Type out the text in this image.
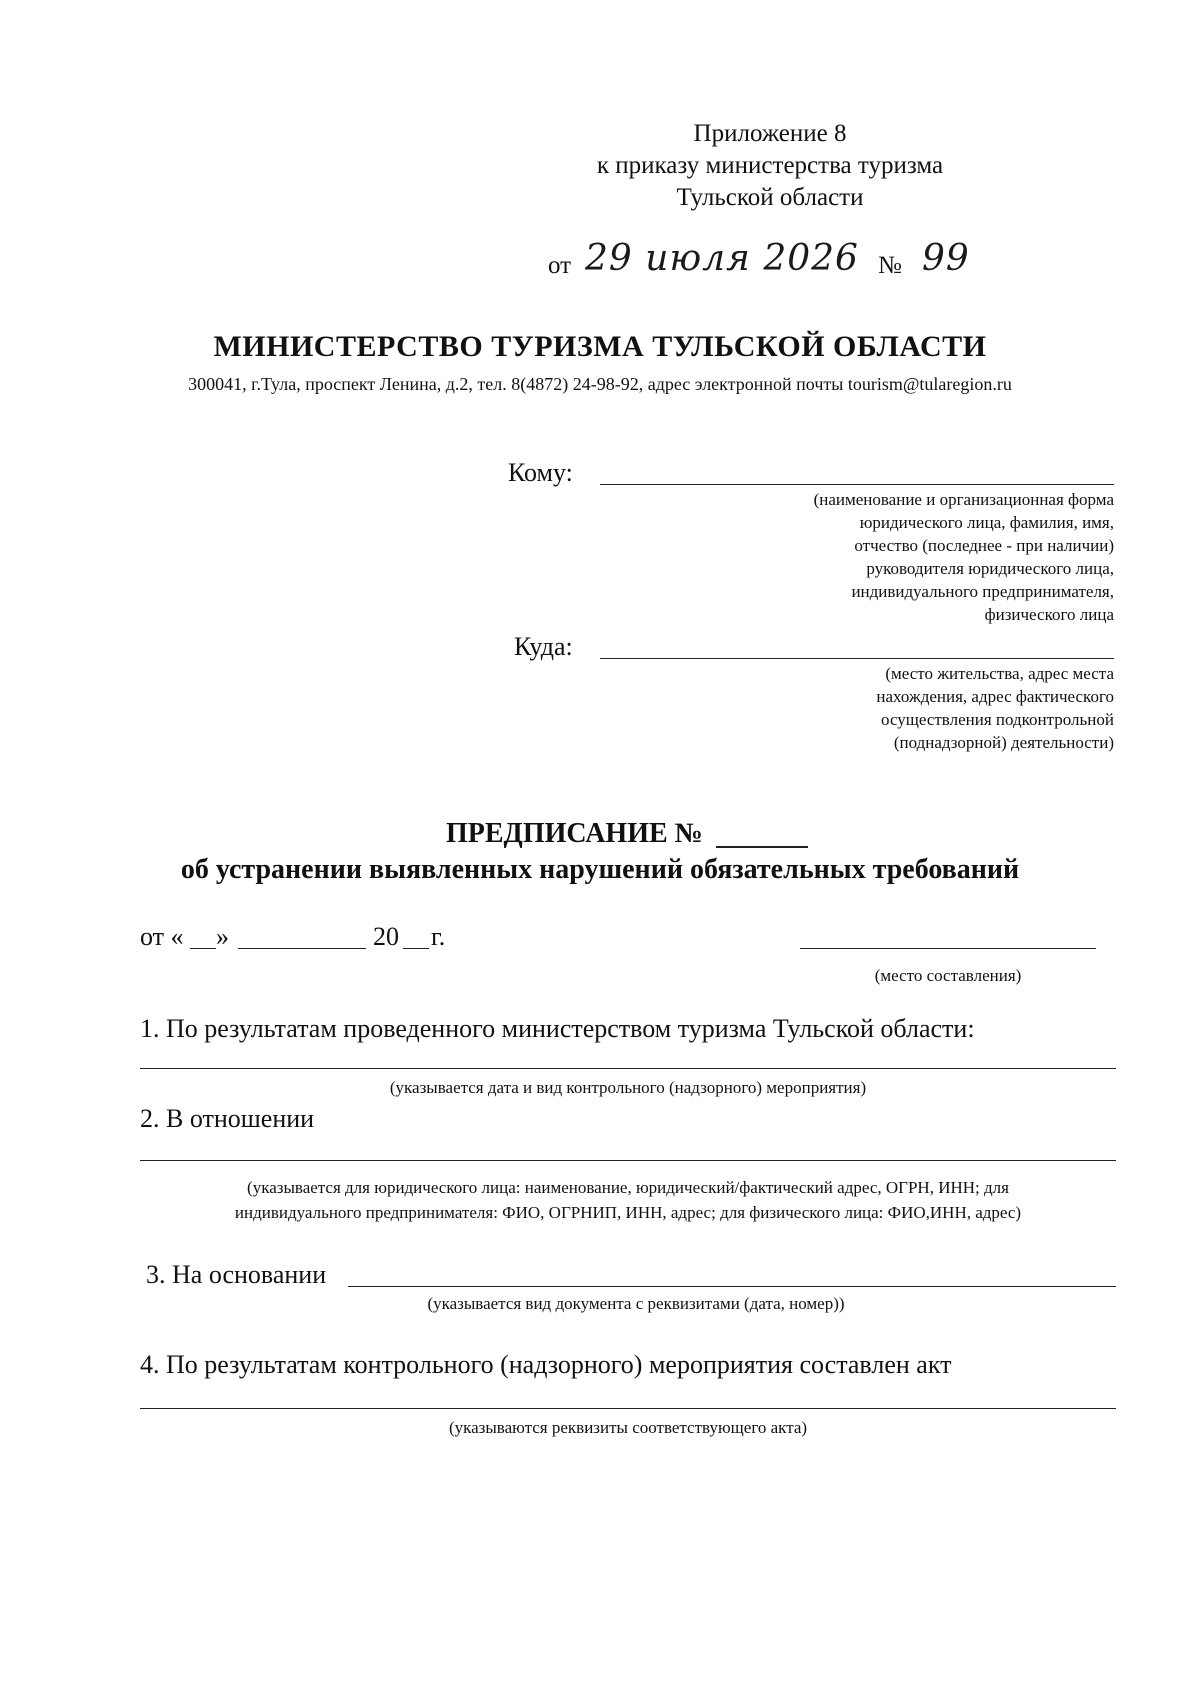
Приложение 8
к приказу министерства туризма
Тульской области
от 29 июля 2026 № 99
МИНИСТЕРСТВО ТУРИЗМА ТУЛЬСКОЙ ОБЛАСТИ
300041, г.Тула, проспект Ленина, д.2, тел. 8(4872) 24-98-92, адрес электронной почты tourism@tularegion.ru
Кому:
(наименование и организационная форма
юридического лица, фамилия, имя,
отчество (последнее - при наличии)
руководителя юридического лица,
индивидуального предпринимателя,
физического лица
Куда:
(место жительства, адрес места
нахождения, адрес фактического
осуществления подконтрольной
(поднадзорной) деятельности)
ПРЕДПИСАНИЕ №
об устранении выявленных нарушений обязательных требований
от « »	20 г.
(место составления)
1. По результатам проведенного министерством туризма Тульской области:
(указывается дата и вид контрольного (надзорного) мероприятия)
2. В отношении
(указывается для юридического лица: наименование, юридический/фактический адрес, ОГРН, ИНН; для
индивидуального предпринимателя: ФИО, ОГРНИП, ИНН, адрес; для физического лица: ФИО,ИНН, адрес)
3. На основании
(указывается вид документа с реквизитами (дата, номер))
4. По результатам контрольного (надзорного) мероприятия составлен акт
(указываются реквизиты соответствующего акта)
